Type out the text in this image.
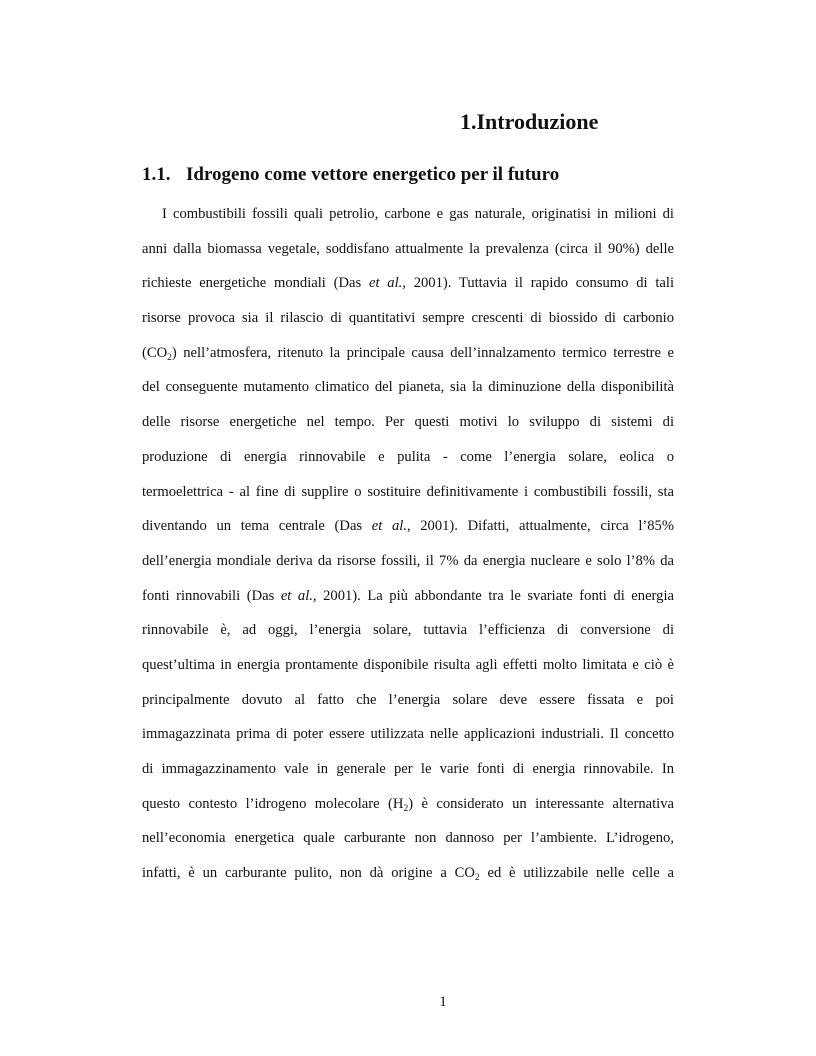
1.Introduzione
1.1. Idrogeno come vettore energetico per il futuro
I combustibili fossili quali petrolio, carbone e gas naturale, originatisi in milioni di
anni dalla biomassa vegetale, soddisfano attualmente la prevalenza (circa il 90%) delle
richieste energetiche mondiali (Das et al., 2001). Tuttavia il rapido consumo di tali
risorse provoca sia il rilascio di quantitativi sempre crescenti di biossido di carbonio
$(CO_2)$ nell’atmosfera, ritenuto la principale causa dell’innalzamento termico terrestre e
del conseguente mutamento climatico del pianeta, sia la diminuzione della disponibilità
delle risorse energetiche nel tempo. Per questi motivi lo sviluppo di sistemi di
produzione di energia rinnovabile e pulita - come l’energia solare, eolica o
termoelettrica - al fine di supplire o sostituire definitivamente i combustibili fossili, sta
diventando un tema centrale (Das et al., 2001). Difatti, attualmente, circa l’85%
dell’energia mondiale deriva da risorse fossili, il 7% da energia nucleare e solo l’8% da
fonti rinnovabili (Das et al., 2001). La più abbondante tra le svariate fonti di energia
rinnovabile è, ad oggi, l’energia solare, tuttavia l’efficienza di conversione di
quest’ultima in energia prontamente disponibile risulta agli effetti molto limitata e ciò è
principalmente dovuto al fatto che l’energia solare deve essere fissata e poi
immagazzinata prima di poter essere utilizzata nelle applicazioni industriali. Il concetto
di immagazzinamento vale in generale per le varie fonti di energia rinnovabile. In
questo contesto l’idrogeno molecolare $(H_2)$ è considerato un interessante alternativa
nell’economia energetica quale carburante non dannoso per l’ambiente. L’idrogeno,
infatti, è un carburante pulito, non dà origine a $CO_2$ ed è utilizzabile nelle celle a
1
